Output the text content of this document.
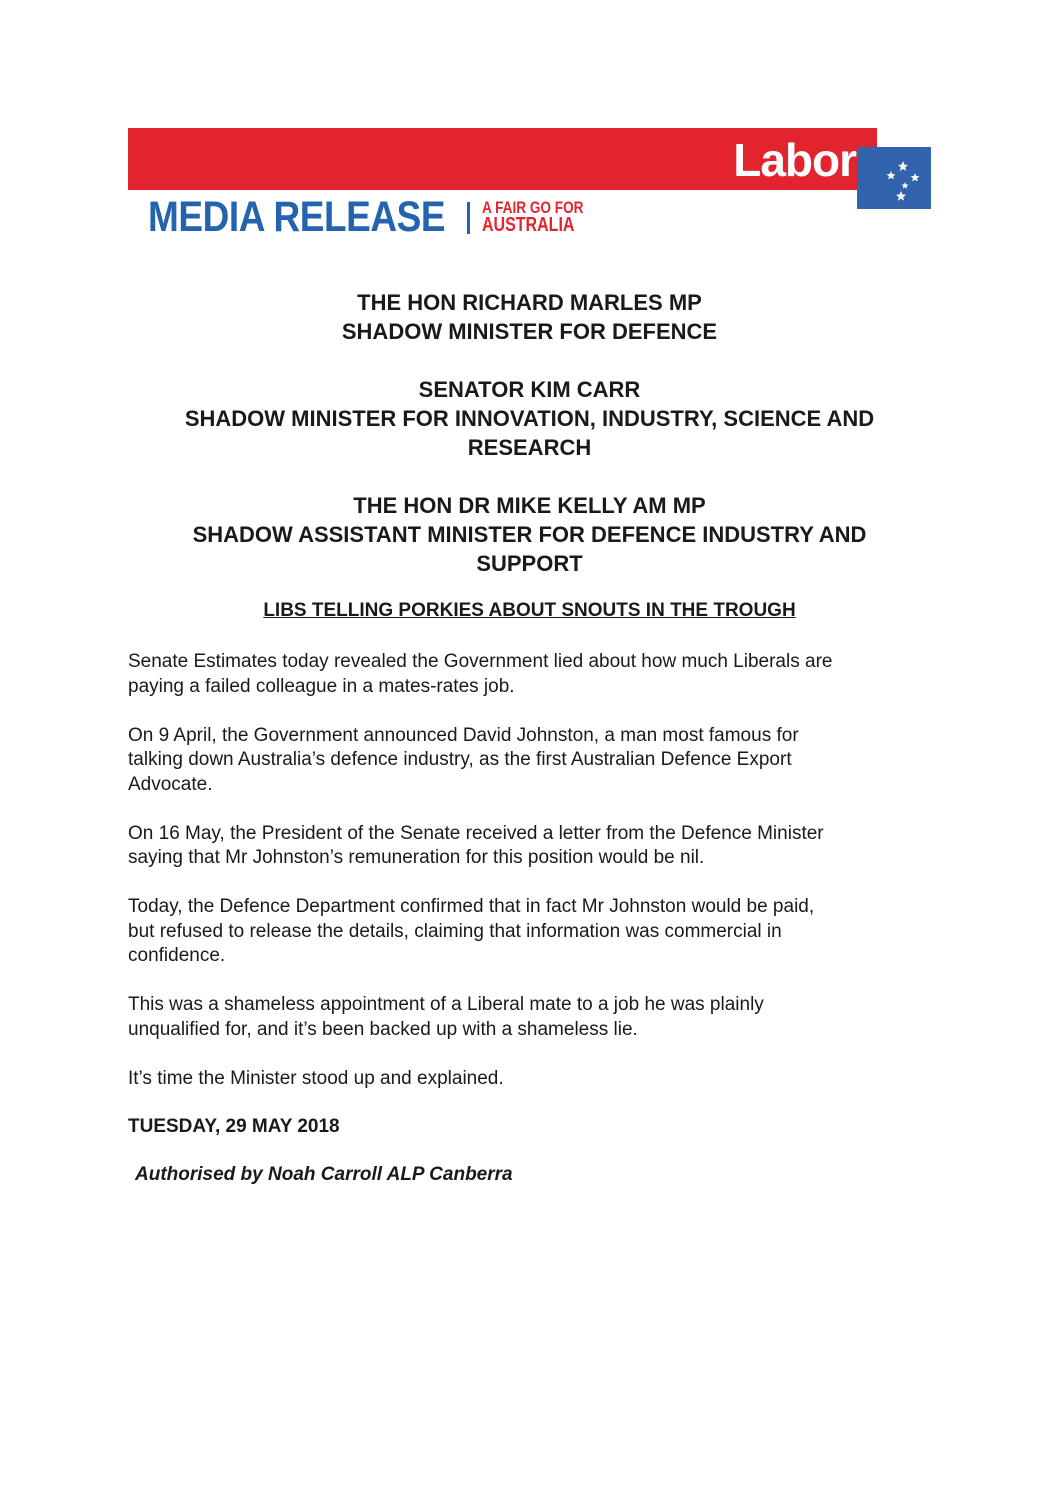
Labor
MEDIA RELEASE A FAIR GO FOR
AUSTRALIA
THE HON RICHARD MARLES MP
SHADOW MINISTER FOR DEFENCE
SENATOR KIM CARR
SHADOW MINISTER FOR INNOVATION, INDUSTRY, SCIENCE AND
RESEARCH
THE HON DR MIKE KELLY AM MP
SHADOW ASSISTANT MINISTER FOR DEFENCE INDUSTRY AND
SUPPORT
LIBS TELLING PORKIES ABOUT SNOUTS IN THE TROUGH

Senate Estimates today revealed the Government lied about how much Liberals are
paying a failed colleague in a mates-rates job.

On 9 April, the Government announced David Johnston, a man most famous for
talking down Australia’s defence industry, as the first Australian Defence Export
Advocate.

On 16 May, the President of the Senate received a letter from the Defence Minister
saying that Mr Johnston’s remuneration for this position would be nil.

Today, the Defence Department confirmed that in fact Mr Johnston would be paid,
but refused to release the details, claiming that information was commercial in
confidence.

This was a shameless appointment of a Liberal mate to a job he was plainly
unqualified for, and it’s been backed up with a shameless lie.

It’s time the Minister stood up and explained.

TUESDAY, 29 MAY 2018
Authorised by Noah Carroll ALP Canberra
